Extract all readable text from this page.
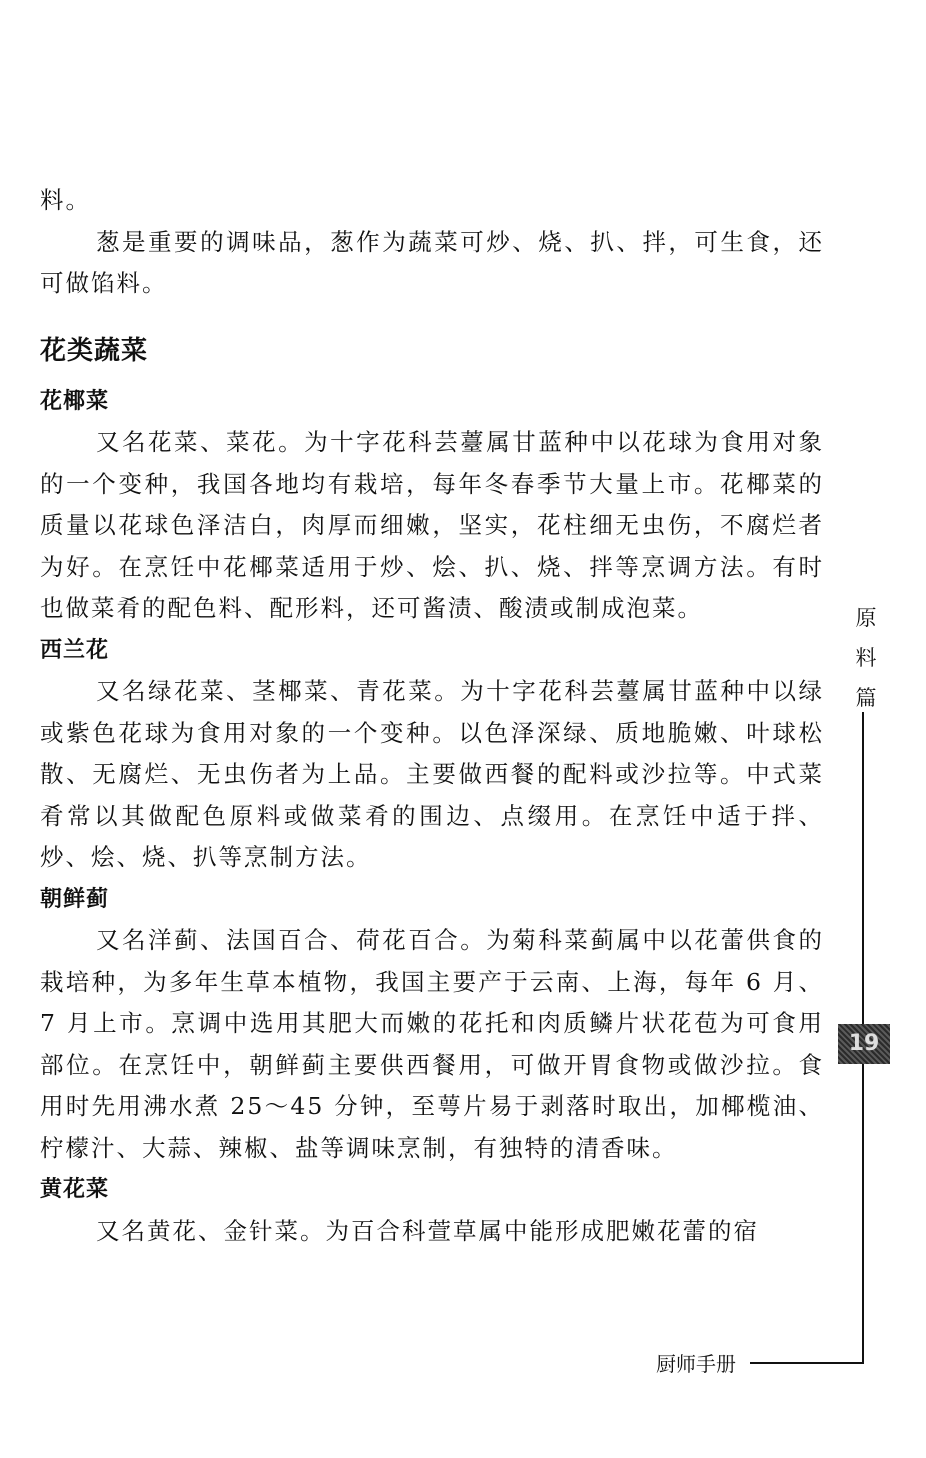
料。

葱是重要的调味品，葱作为蔬菜可炒、烧、扒、拌，可生食，还可做馅料。

花类蔬菜
花椰菜

又名花菜、菜花。为十字花科芸薹属甘蓝种中以花球为食用对象的一个变种，我国各地均有栽培，每年冬春季节大量上市。花椰菜的质量以花球色泽洁白，肉厚而细嫩，坚实，花柱细无虫伤，不腐烂者为好。在烹饪中花椰菜适用于炒、烩、扒、烧、拌等烹调方法。有时也做菜肴的配色料、配形料，还可酱渍、酸渍或制成泡菜。

西兰花

又名绿花菜、茎椰菜、青花菜。为十字花科芸薹属甘蓝种中以绿或紫色花球为食用对象的一个变种。以色泽深绿、质地脆嫩、叶球松散、无腐烂、无虫伤者为上品。主要做西餐的配料或沙拉等。中式菜肴常以其做配色原料或做菜肴的围边、点缀用。在烹饪中适于拌、炒、烩、烧、扒等烹制方法。

朝鲜蓟

又名洋蓟、法国百合、荷花百合。为菊科菜蓟属中以花蕾供食的栽培种，为多年生草本植物，我国主要产于云南、上海，每年 6 月、7 月上市。烹调中选用其肥大而嫩的花托和肉质鳞片状花苞为可食用部位。在烹饪中，朝鲜蓟主要供西餐用，可做开胃食物或做沙拉。食用时先用沸水煮 25～45 分钟，至萼片易于剥落时取出，加椰榄油、柠檬汁、大蒜、辣椒、盐等调味烹制，有独特的清香味。

黄花菜

又名黄花、金针菜。为百合科萱草属中能形成肥嫩花蕾的宿

原
料
篇
19
厨师手册
